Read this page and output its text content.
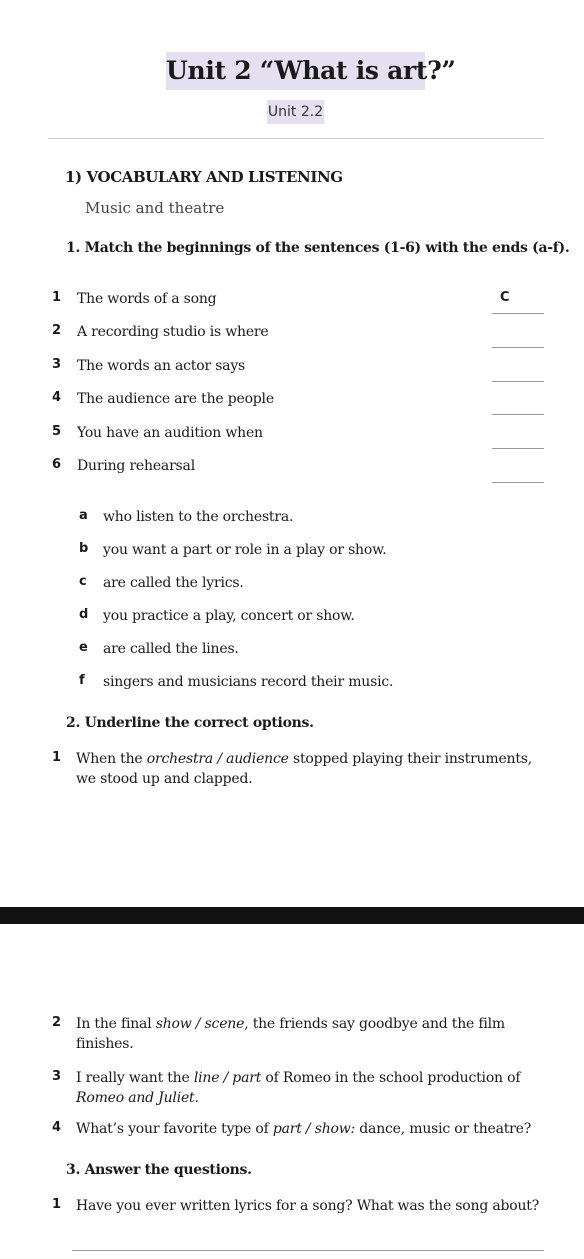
Unit 2 “What is art?”
Unit 2.2
1) VOCABULARY AND LISTENING
Music and theatre
1. Match the beginnings of the sentences (1-6) with the ends (a-f).
1 The words of a song	C
2 A recording studio is where
3 The words an actor says
4 The audience are the people
5 You have an audition when
6 During rehearsal
a who listen to the orchestra.
b you want a part or role in a play or show.
c are called the lyrics.
d you practice a play, concert or show.
e are called the lines.
f singers and musicians record their music.
2. Underline the correct options.
1 When the orchestra / audience stopped playing their instruments,
we stood up and clapped.
2 In the final show / scene, the friends say goodbye and the film
finishes.
3 I really want the line / part of Romeo in the school production of
Romeo and Juliet.
4 What’s your favorite type of part / show: dance, music or theatre?
3. Answer the questions.
1 Have you ever written lyrics for a song? What was the song about?
